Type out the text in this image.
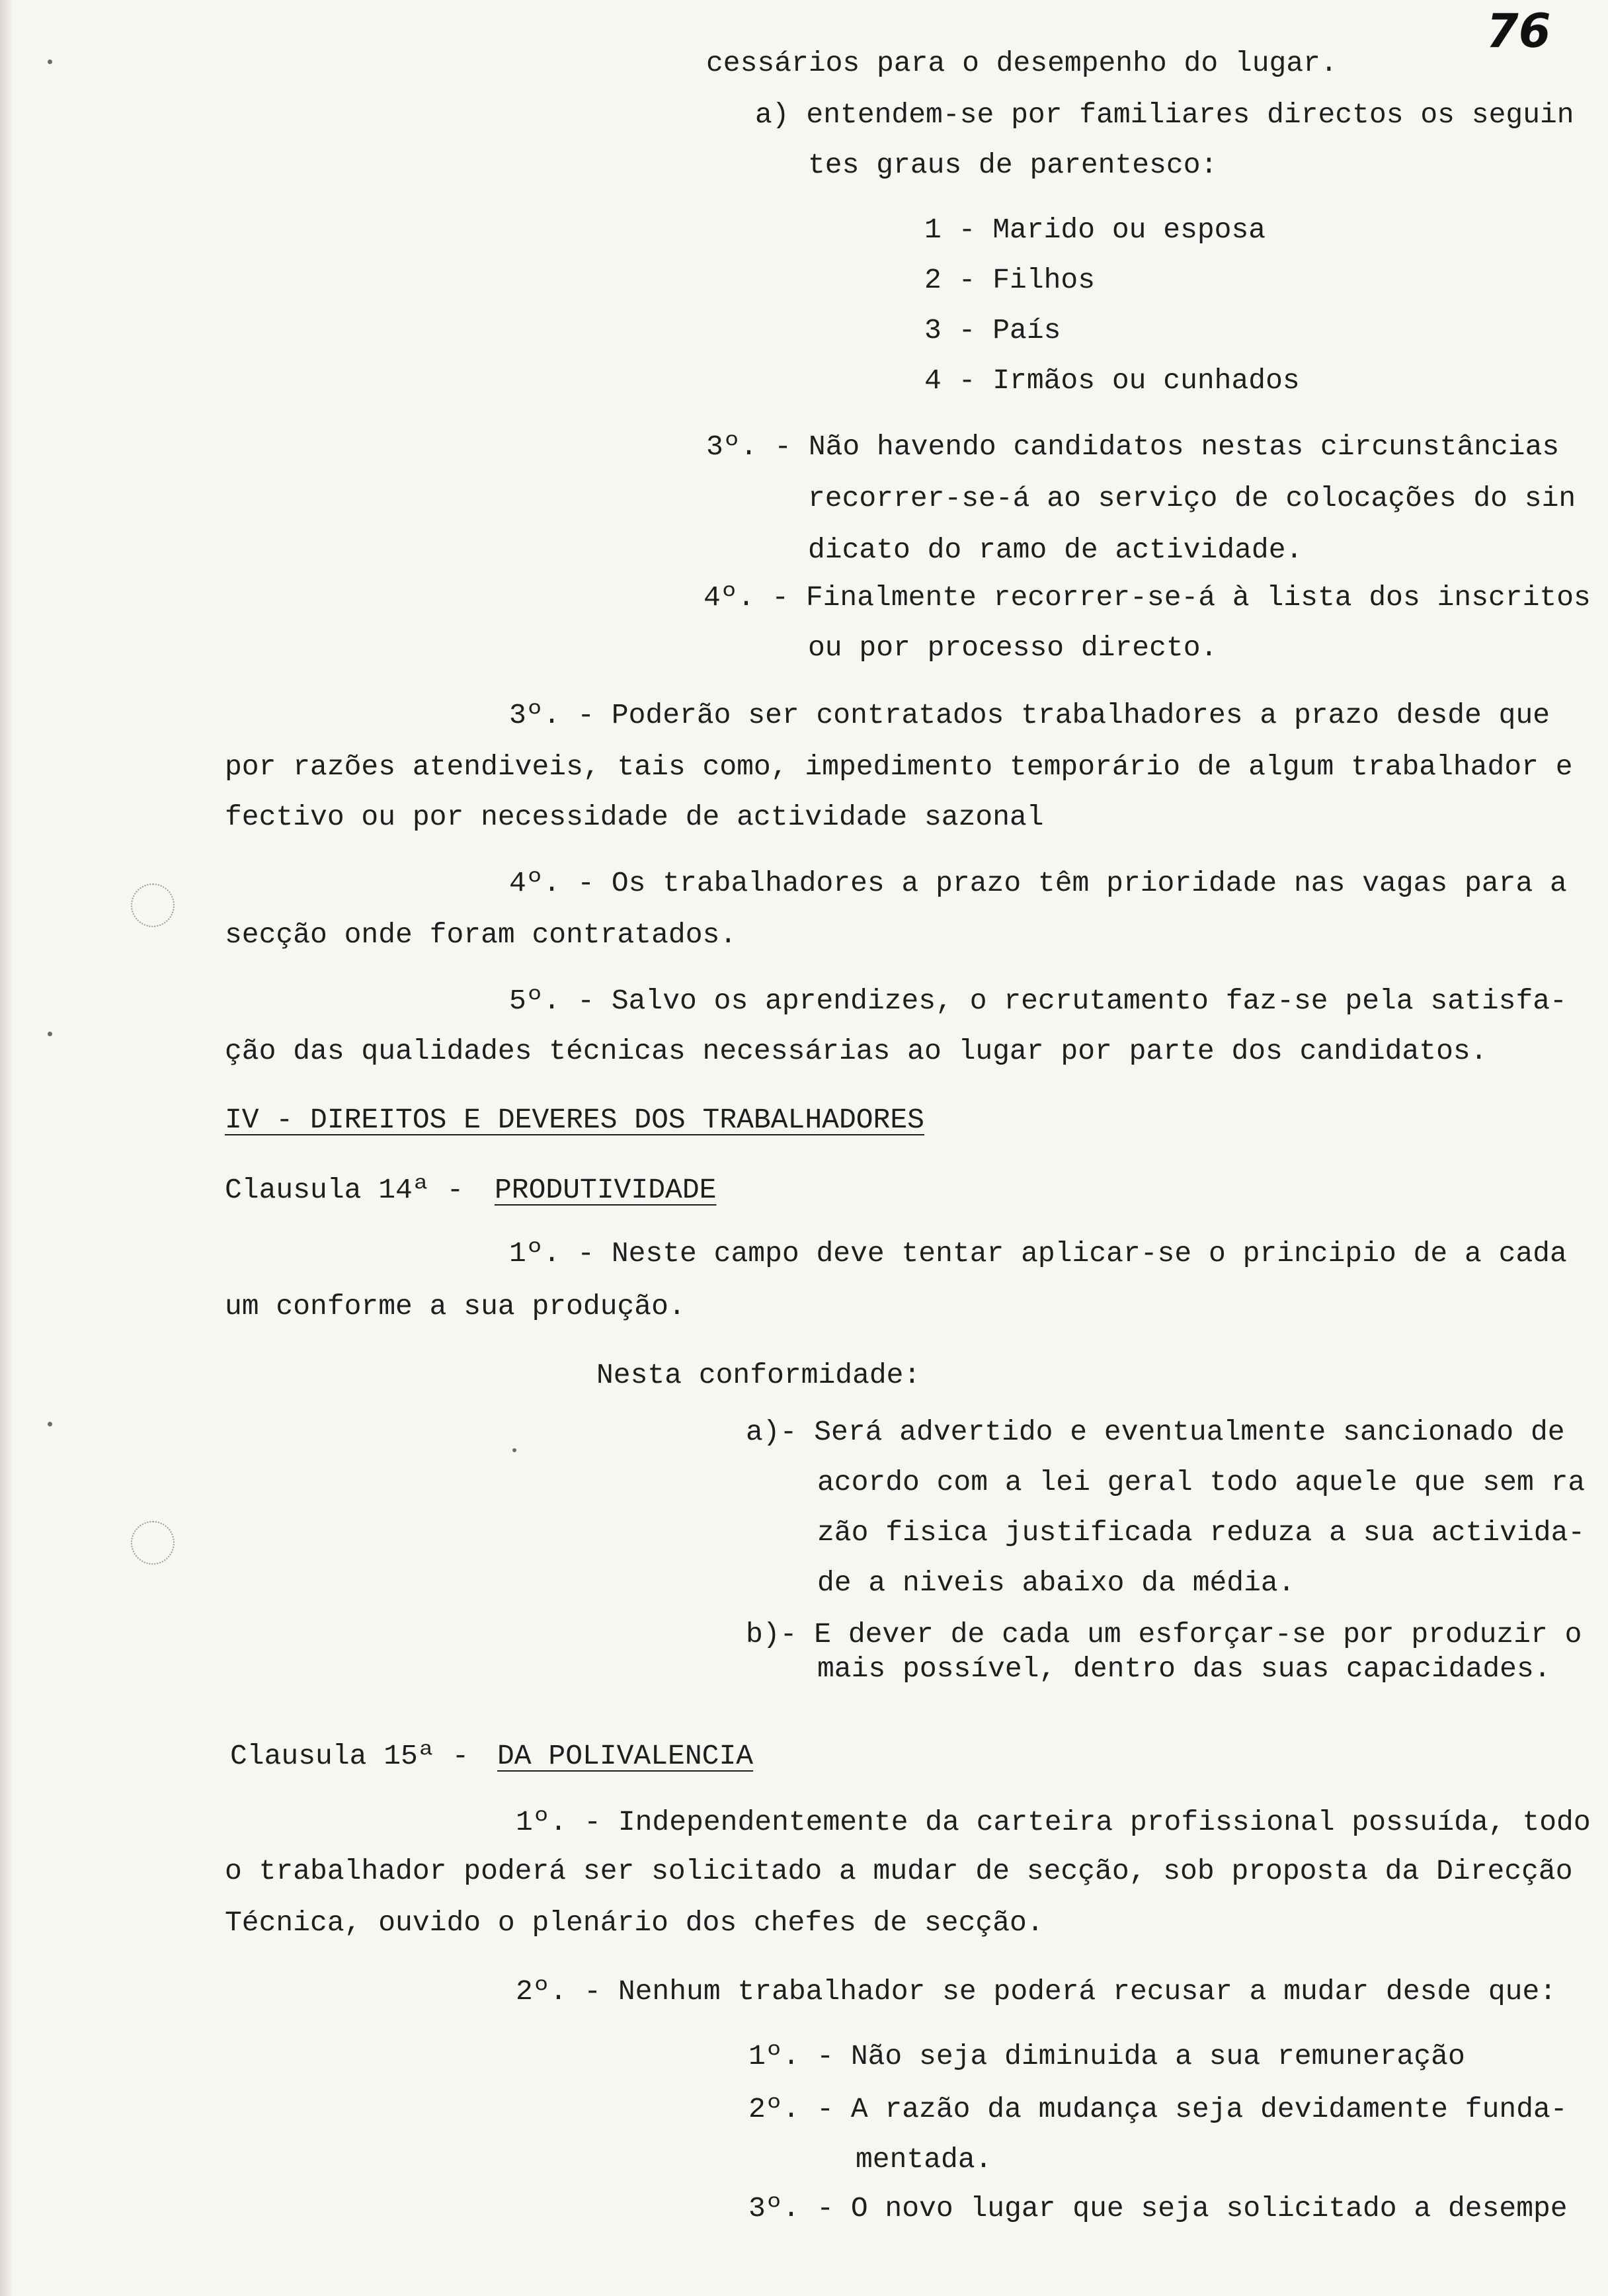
76
cessários para o desempenho do lugar.
a) entendem-se por familiares directos os seguin
tes graus de parentesco:
1 - Marido ou esposa
2 - Filhos
3 - País
4 - Irmãos ou cunhados
3º. - Não havendo candidatos nestas circunstâncias
recorrer-se-á ao serviço de colocações do sin
dicato do ramo de actividade.
4º. - Finalmente recorrer-se-á à lista dos inscritos
ou por processo directo.
3º. - Poderão ser contratados trabalhadores a prazo desde que
por razões atendiveis, tais como, impedimento temporário de algum trabalhador e
fectivo ou por necessidade de actividade sazonal
4º. - Os trabalhadores a prazo têm prioridade nas vagas para a
secção onde foram contratados.
5º. - Salvo os aprendizes, o recrutamento faz-se pela satisfa-
ção das qualidades técnicas necessárias ao lugar por parte dos candidatos.
IV - DIREITOS E DEVERES DOS TRABALHADORES
Clausula 14ª - PRODUTIVIDADE
1º. - Neste campo deve tentar aplicar-se o principio de a cada
um conforme a sua produção.
Nesta conformidade:
a)- Será advertido e eventualmente sancionado de
acordo com a lei geral todo aquele que sem ra
zão fisica justificada reduza a sua activida-
de a niveis abaixo da média.
b)- E dever de cada um esforçar-se por produzir o
mais possível, dentro das suas capacidades.
Clausula 15ª - DA POLIVALENCIA
1º. - Independentemente da carteira profissional possuída, todo
o trabalhador poderá ser solicitado a mudar de secção, sob proposta da Direcção
Técnica, ouvido o plenário dos chefes de secção.
2º. - Nenhum trabalhador se poderá recusar a mudar desde que:
1º. - Não seja diminuida a sua remuneração
2º. - A razão da mudança seja devidamente funda-
mentada.
3º. - O novo lugar que seja solicitado a desempe
